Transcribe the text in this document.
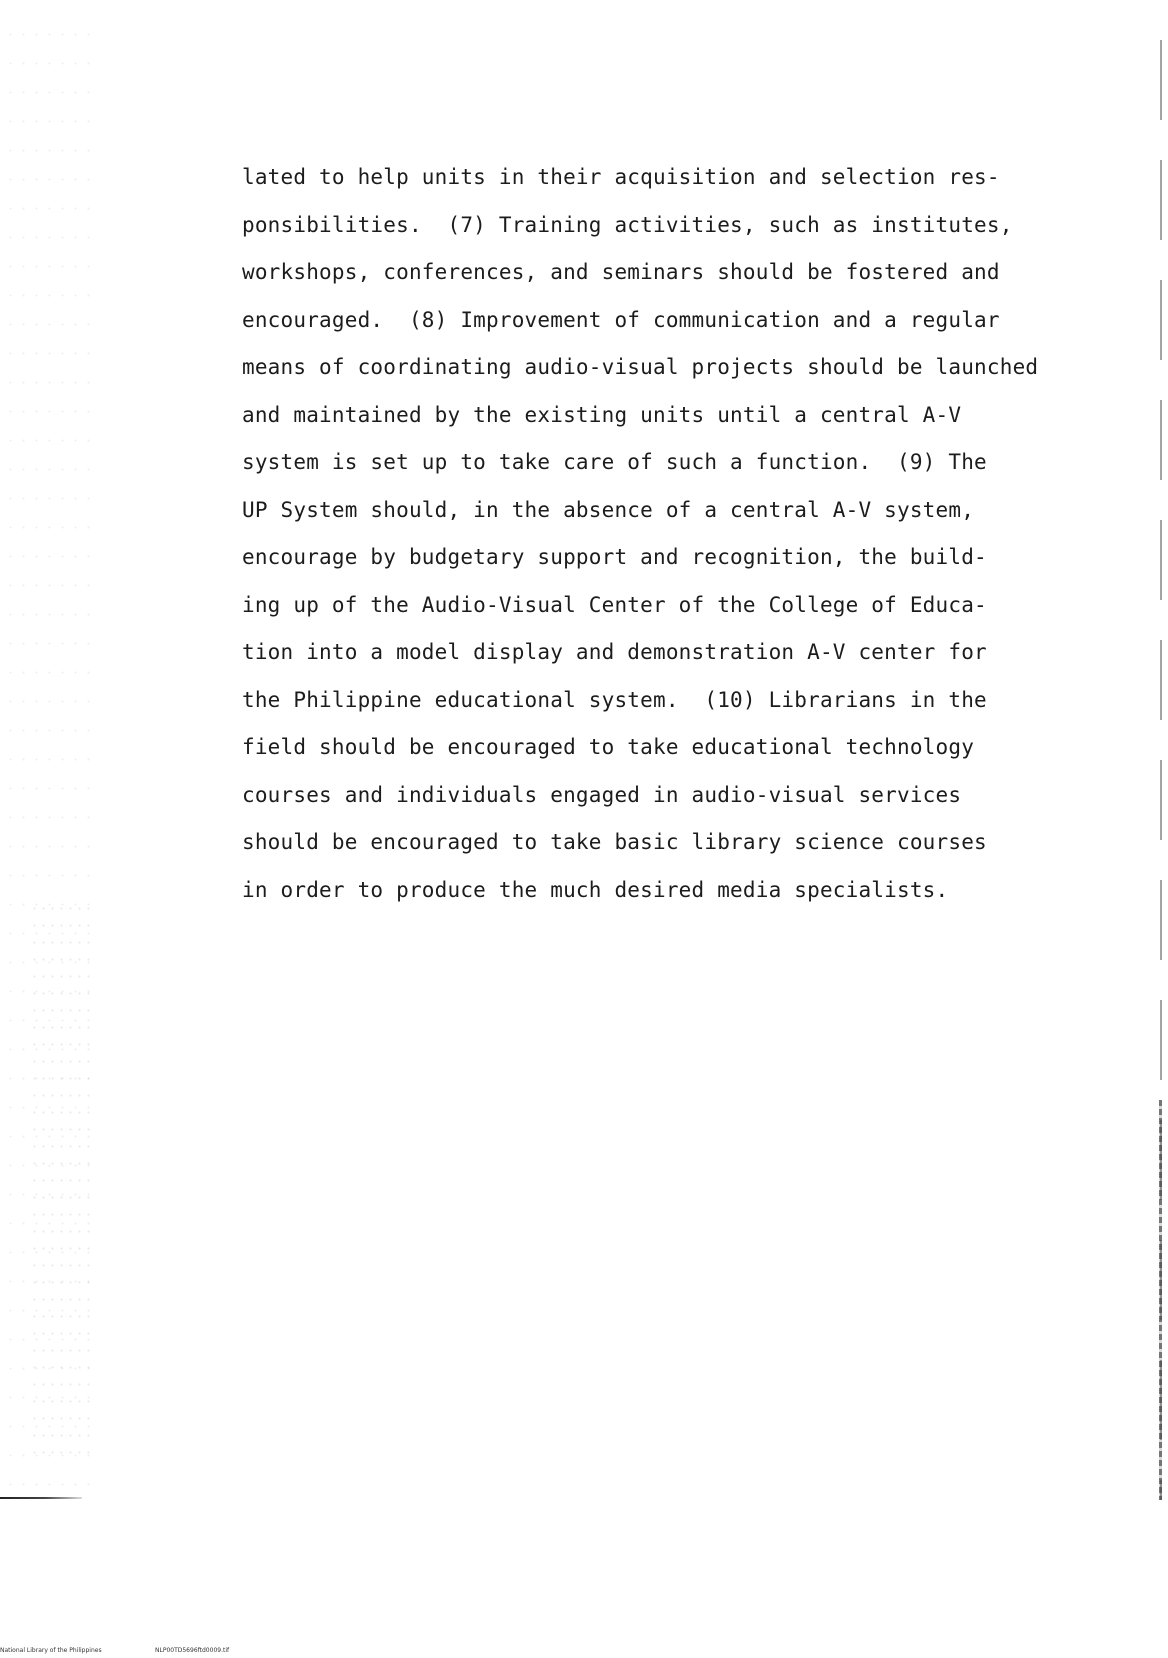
lated to help units in their acquisition and selection res-
ponsibilities.  (7) Training activities, such as institutes,
workshops, conferences, and seminars should be fostered and
encouraged.  (8) Improvement of communication and a regular
means of coordinating audio-visual projects should be launched
and maintained by the existing units until a central A-V
system is set up to take care of such a function.  (9) The
UP System should, in the absence of a central A-V system,
encourage by budgetary support and recognition, the build-
ing up of the Audio-Visual Center of the College of Educa-
tion into a model display and demonstration A-V center for
the Philippine educational system.  (10) Librarians in the
field should be encouraged to take educational technology
courses and individuals engaged in audio-visual services
should be encouraged to take basic library science courses
in order to produce the much desired media specialists.
National Library of the Philippines	NLP00TD5696ftd0009.tif
